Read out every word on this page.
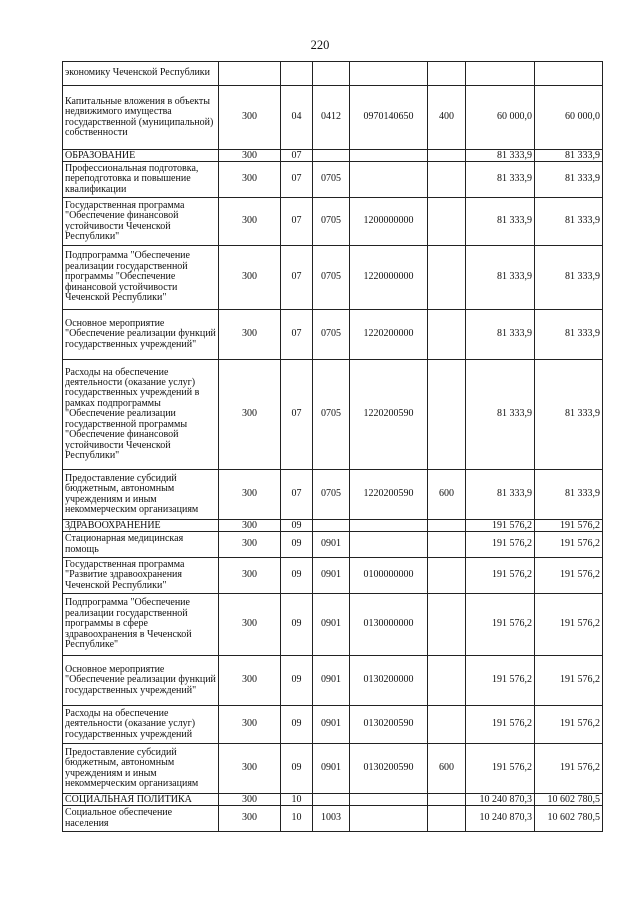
220
экономику Чеченской Республики							
Капитальные вложения в объекты недвижимого имущества государственной (муниципальной) собственности	300	04	0412	0970140650	400	60 000,0	60 000,0
ОБРАЗОВАНИЕ	300	07				81 333,9	81 333,9
Профессиональная подготовка, переподготовка и повышение квалификации	300	07	0705			81 333,9	81 333,9
Государственная программа "Обеспечение финансовой устойчивости Чеченской Республики"	300	07	0705	1200000000		81 333,9	81 333,9
Подпрограмма "Обеспечение реализации государственной программы "Обеспечение финансовой устойчивости Чеченской Республики"	300	07	0705	1220000000		81 333,9	81 333,9
Основное мероприятие "Обеспечение реализации функций государственных учреждений"	300	07	0705	1220200000		81 333,9	81 333,9
Расходы на обеспечение деятельности (оказание услуг) государственных учреждений в рамках подпрограммы "Обеспечение реализации государственной программы "Обеспечение финансовой устойчивости Чеченской Республики"	300	07	0705	1220200590		81 333,9	81 333,9
Предоставление субсидий бюджетным, автономным учреждениям и иным некоммерческим организациям	300	07	0705	1220200590	600	81 333,9	81 333,9
ЗДРАВООХРАНЕНИЕ	300	09				191 576,2	191 576,2
Стационарная медицинская помощь	300	09	0901			191 576,2	191 576,2
Государственная программа "Развитие здравоохранения Чеченской Республики"	300	09	0901	0100000000		191 576,2	191 576,2
Подпрограмма "Обеспечение реализации государственной программы в сфере здравоохранения в Чеченской Республике"	300	09	0901	0130000000		191 576,2	191 576,2
Основное мероприятие "Обеспечение реализации функций государственных учреждений"	300	09	0901	0130200000		191 576,2	191 576,2
Расходы на обеспечение деятельности (оказание услуг) государственных учреждений	300	09	0901	0130200590		191 576,2	191 576,2
Предоставление субсидий бюджетным, автономным учреждениям и иным некоммерческим организациям	300	09	0901	0130200590	600	191 576,2	191 576,2
СОЦИАЛЬНАЯ ПОЛИТИКА	300	10				10 240 870,3	10 602 780,5
Социальное обеспечение населения	300	10	1003			10 240 870,3	10 602 780,5
